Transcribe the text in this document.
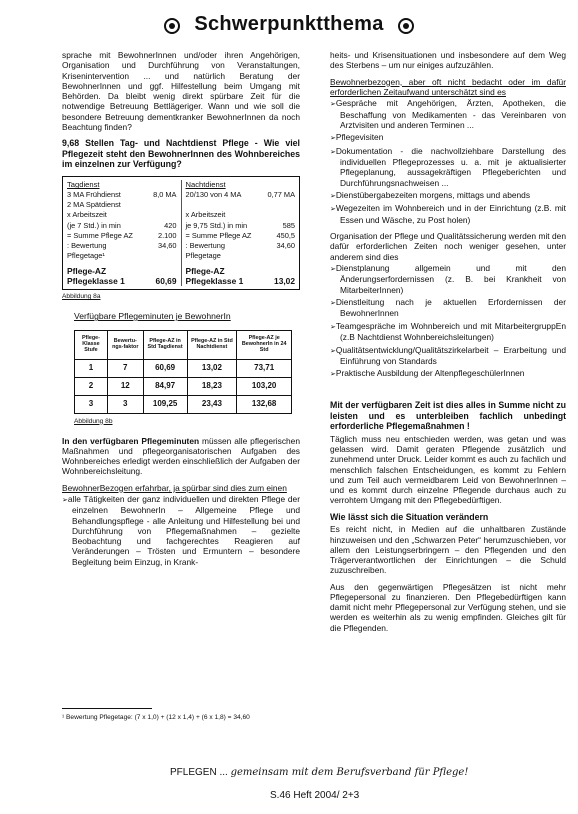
Schwerpunktthema

sprache mit BewohnerInnen und/oder ihren Angehörigen, Organisation und Durchführung von Veranstaltungen, Krisenintervention ... und natürlich Beratung der BewohnerInnen und ggf. Hilfestellung beim Umgang mit Behörden. Da bleibt wenig direkt spürbare Zeit für die notwendige Betreuung Bettlägeriger. Wann und wie soll die besondere Betreuung dementkranker BewohnerInnen da noch Beachtung finden?

9,68 Stellen Tag- und Nachtdienst Pflege - Wie viel Pflegezeit steht den BewohnerInnen des Wohnbereiches im einzelnen zur Verfügung?

Tagdienst
3 MA Frühdienst	8,0 MA
2 MA Spätdienst
x Arbeitszeit
(je 7 Std.) in min	420
= Summe Pflege AZ	2.100
: Bewertung	34,60
Pflegetage¹
Pflege-AZ
Pflegeklasse 1	60,69
Nachtdienst
20/130 von 4 MA	0,77 MA

x Arbeitszeit
je 9,75 Std.) in min	585
= Summe Pflege AZ	450,5
: Bewertung	34,60
Pflegetage
Pflege-AZ
Pflegeklasse 1	13,02
Abbildung 8a
Verfügbare Pflegeminuten je BewohnerIn
Pflege-Klasse Stufe	Bewertu-ngs-faktor	Pflege-AZ in Std Tagdienst	Pflege-AZ in Std Nachtdienst	Pflege-AZ je BewohnerIn in 24 Std
1	7	60,69	13,02	73,71
2	12	84,97	18,23	103,20
3	3	109,25	23,43	132,68
Abbildung 8b

In den verfügbaren Pflegeminuten müssen alle pflegerischen Maßnahmen und pflegeorganisatorischen Aufgaben des Wohnbereiches erledigt werden einschließlich der Aufgaben der Wohnbereichsleitung.

BewohnerBezogen erfahrbar, ja spürbar sind dies zum einen

➢ alle Tätigkeiten der ganz individuellen und direkten Pflege der einzelnen BewohnerIn – Allgemeine Pflege und Behandlungspflege - alle Anleitung und Hilfestellung bei und Durchführung von Pflegemaßnahmen – gezielte Beobachtung und fachgerechtes Reagieren auf Veränderungen – Trösten und Ermuntern – besondere Begleitung beim Einzug, in Krank-

heits- und Krisensituationen und insbesondere auf dem Weg des Sterbens – um nur einiges aufzuzählen.

Bewohnerbezogen, aber oft nicht bedacht oder im dafür erforderlichen Zeitaufwand unterschätzt sind es

➢ Gespräche mit Angehörigen, Ärzten, Apotheken, die Beschaffung von Medikamenten - das Vereinbaren von Arztvisiten und anderen Terminen ...
➢ Pflegevisiten
➢ Dokumentation - die nachvollziehbare Darstellung des individuellen Pflegeprozesses u. a. mit je aktualisierter Pflegeplanung, aussagekräftigen Pflegeberichten und Durchführungsnachweisen ...
➢ Dienstübergabezeiten morgens, mittags und abends
➢ Wegezeiten im Wohnbereich und in der Einrichtung (z.B. mit Essen und Wäsche, zu Post holen)

Organisation der Pflege und Qualitätssicherung werden mit den dafür erforderlichen Zeiten noch weniger gesehen, unter anderem sind dies

➢ Dienstplanung allgemein und mit den Änderungserfordernissen (z. B. bei Krankheit von MitarbeiterInnen)
➢ Dienstleitung nach je aktuellen Erfordernissen der BewohnerInnen
➢ Teamgespräche im Wohnbereich und mit MitarbeitergruppEn (z.B Nachtdienst Wohnbereichsleitungen)
➢ Qualitätsentwicklung/Qualitätszirkelarbeit – Erarbeitung und Einführung von Standards
➢ Praktische Ausbildung der AltenpflegeschülerInnen

Mit der verfügbaren Zeit ist dies alles in Summe nicht zu leisten und es unterbleiben fachlich unbedingt erforderliche Pflegemaßnahmen !

Täglich muss neu entschieden werden, was getan und was gelassen wird. Damit geraten Pflegende zusätzlich und zunehmend unter Druck. Leider kommt es auch zu fachlich und menschlich falschen Entscheidungen, es kommt zu Fehlern und zum Teil auch vermeidbarem Leid von BewohnerInnen – und es kommt durch einzelne Pflegende durchaus auch zu verrohtem Umgang mit den Pflegebedürftigen.

Wie lässt sich die Situation verändern

Es reicht nicht, in Medien auf die unhaltbaren Zustände hinzuweisen und den „Schwarzen Peter“ herumzuschieben, vor allem den Leistungserbringern – den Pflegenden und den Trägerverantwortlichen der Einrichtungen – die Schuld zuzuschreiben.

Aus den gegenwärtigen Pflegesätzen ist nicht mehr Pflegepersonal zu finanzieren. Den Pflegebedürftigen kann damit nicht mehr Pflegepersonal zur Verfügung stehen, und sie werden es weiterhin als zu wenig empfinden. Gleiches gilt für die Pflegenden.

¹ Bewertung Pflegetage: (7 x 1,0) + (12 x 1,4) + (6 x 1,8) = 34,60
PFLEGEN ... gemeinsam mit dem Berufsverband für Pflege!
S.46 Heft 2004/ 2+3
